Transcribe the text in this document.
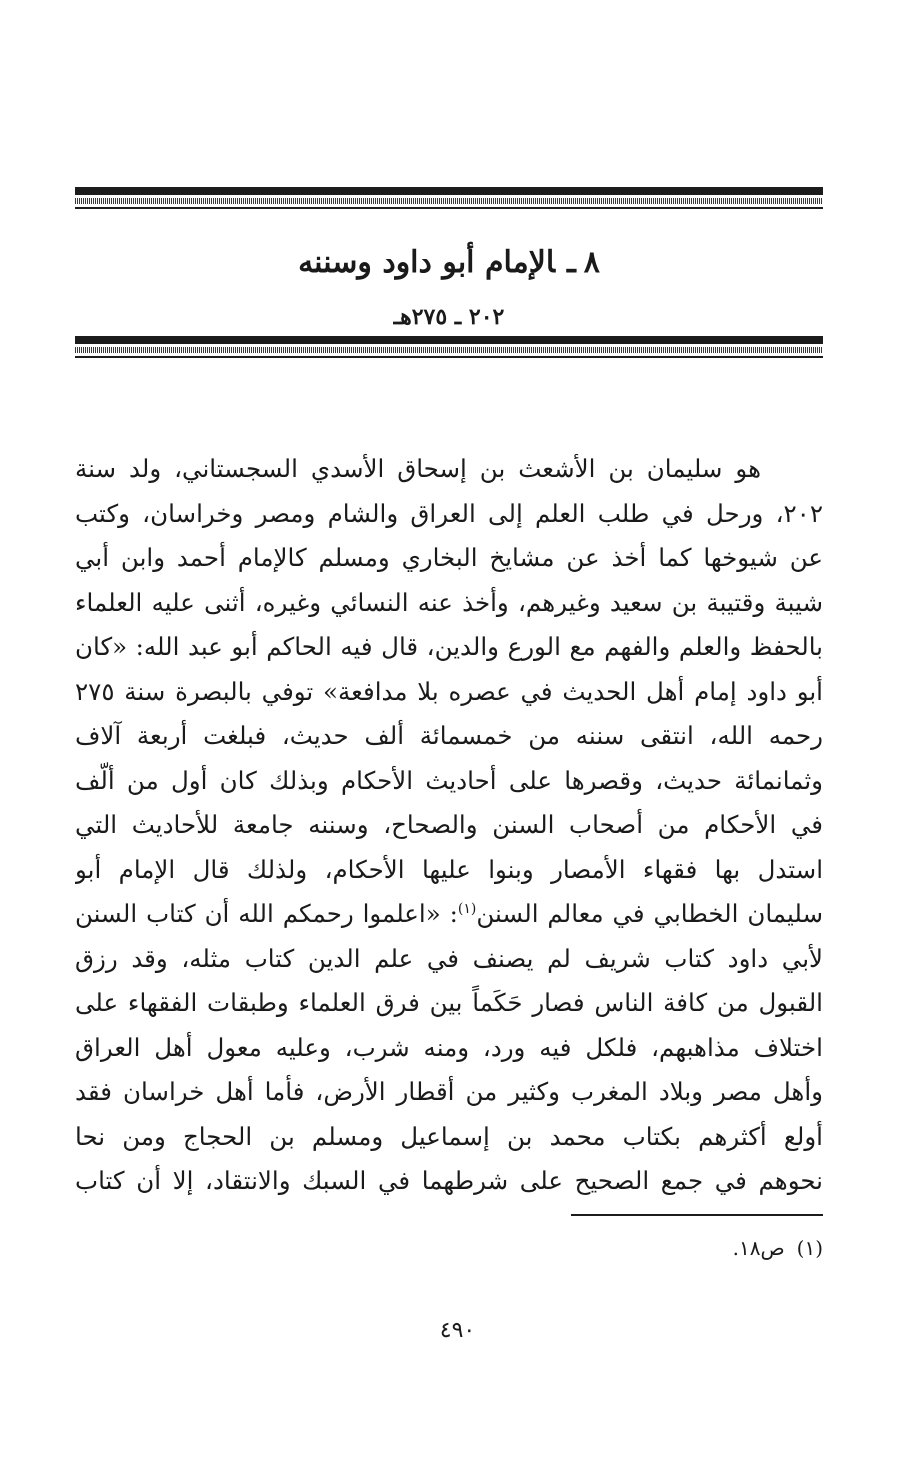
٨ـالإمام أبو داود وسننه
٢٠٢ ـ ٢٧٥هـ
هو سليمان بن الأشعث بن إسحاق الأسدي السجستاني، ولد سنة
٢٠٢، ورحل في طلب العلم إلى العراق والشام ومصر وخراسان، وكتب
عن شيوخها كما أخذ عن مشايخ البخاري ومسلم كالإمام أحمد وابن أبي
شيبة وقتيبة بن سعيد وغيرهم، وأخذ عنه النسائي وغيره، أثنى عليه العلماء
بالحفظ والعلم والفهم مع الورع والدين، قال فيه الحاكم أبو عبد الله: «كان
أبو داود إمام أهل الحديث في عصره بلا مدافعة» توفي بالبصرة سنة ٢٧٥
رحمه الله، انتقى سننه من خمسمائة ألف حديث، فبلغت أربعة آلاف
وثمانمائة حديث، وقصرها على أحاديث الأحكام وبذلك كان أول من ألّف
في الأحكام من أصحاب السنن والصحاح، وسننه جامعة للأحاديث التي
استدل بها فقهاء الأمصار وبنوا عليها الأحكام، ولذلك قال الإمام أبو
سليمان الخطابي في معالم السنن$^{(١)}$: «اعلموا رحمكم الله أن كتاب السنن
لأبي داود كتاب شريف لم يصنف في علم الدين كتاب مثله، وقد رزق
القبول من كافة الناس فصار حَكَماً بين فرق العلماء وطبقات الفقهاء على
اختلاف مذاهبهم، فلكل فيه ورد، ومنه شرب، وعليه معول أهل العراق
وأهل مصر وبلاد المغرب وكثير من أقطار الأرض، فأما أهل خراسان فقد
أولع أكثرهم بكتاب محمد بن إسماعيل ومسلم بن الحجاج ومن نحا
نحوهم في جمع الصحيح على شرطهما في السبك والانتقاد، إلا أن كتاب
(١)ص١٨.
٤٩٠
